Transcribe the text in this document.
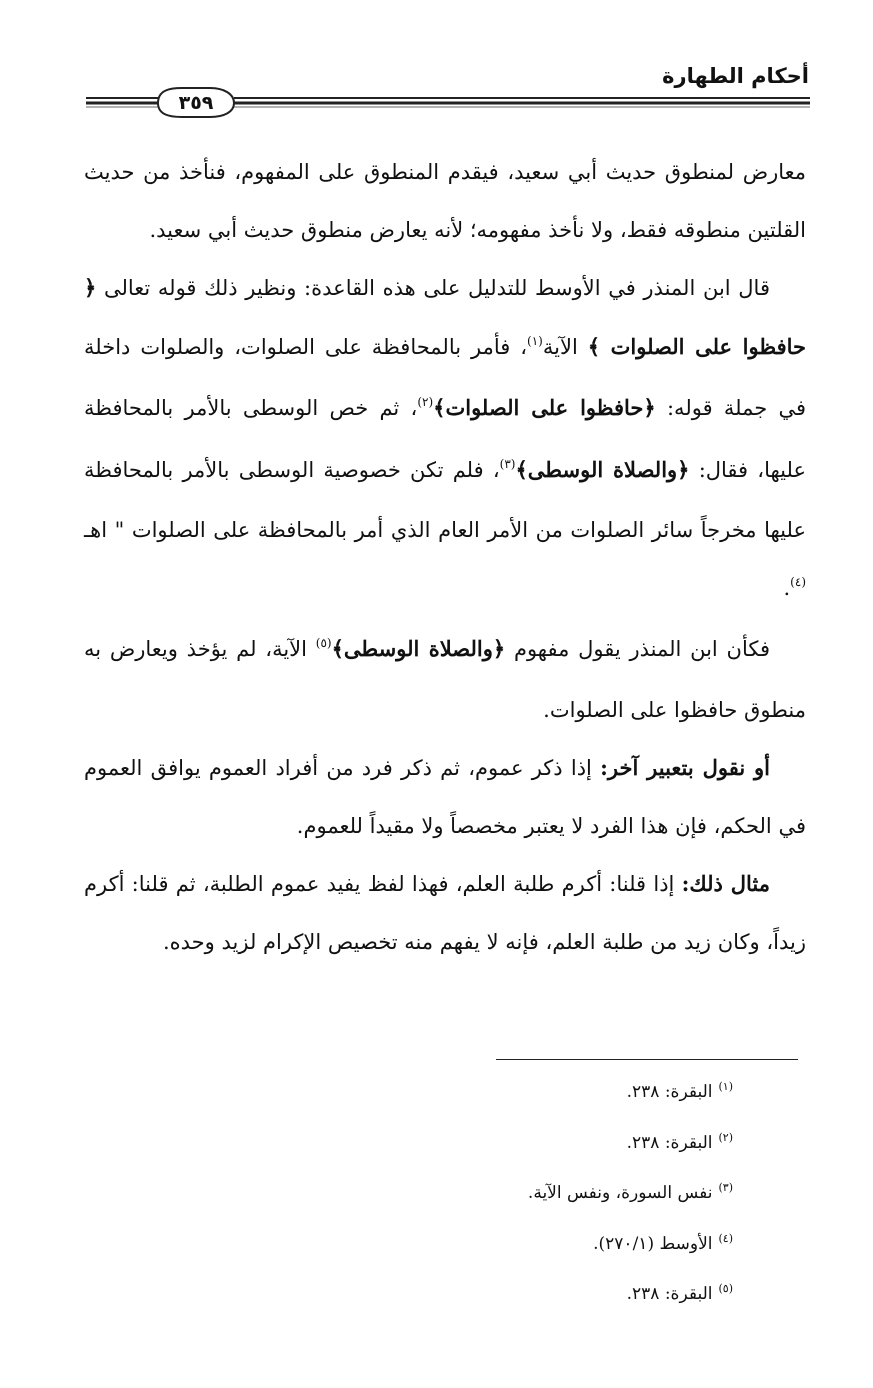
أحكام الطهارة
٣٥٩

معارض لمنطوق حديث أبي سعيد، فيقدم المنطوق على المفهوم، فنأخذ من حديث القلتين منطوقه فقط، ولا نأخذ مفهومه؛ لأنه يعارض منطوق حديث أبي سعيد.

قال ابن المنذر في الأوسط للتدليل على هذه القاعدة: ونظير ذلك قوله تعالى ﴿ حافظوا على الصلوات ﴾ الآية$^{(١)}$، فأمر بالمحافظة على الصلوات، والصلوات داخلة في جملة قوله: ﴿حافظوا على الصلوات﴾$^{(٢)}$، ثم خص الوسطى بالأمر بالمحافظة عليها، فقال: ﴿والصلاة الوسطى﴾$^{(٣)}$، فلم تكن خصوصية الوسطى بالأمر بالمحافظة عليها مخرجاً سائر الصلوات من الأمر العام الذي أمر بالمحافظة على الصلوات " اهـ $^{(٤)}$.

فكأن ابن المنذر يقول مفهوم ﴿والصلاة الوسطى﴾$^{(٥)}$ الآية، لم يؤخذ ويعارض به منطوق حافظوا على الصلوات.

أو نقول بتعبير آخر: إذا ذكر عموم، ثم ذكر فرد من أفراد العموم يوافق العموم في الحكم، فإن هذا الفرد لا يعتبر مخصصاً ولا مقيداً للعموم.

مثال ذلك: إذا قلنا: أكرم طلبة العلم، فهذا لفظ يفيد عموم الطلبة، ثم قلنا: أكرم زيداً، وكان زيد من طلبة العلم، فإنه لا يفهم منه تخصيص الإكرام لزيد وحده.

$^{(١)}$البقرة: ٢٣٨.

$^{(٢)}$البقرة: ٢٣٨.

$^{(٣)}$نفس السورة، ونفس الآية.

$^{(٤)}$الأوسط (٢٧٠/١).

$^{(٥)}$البقرة: ٢٣٨.
